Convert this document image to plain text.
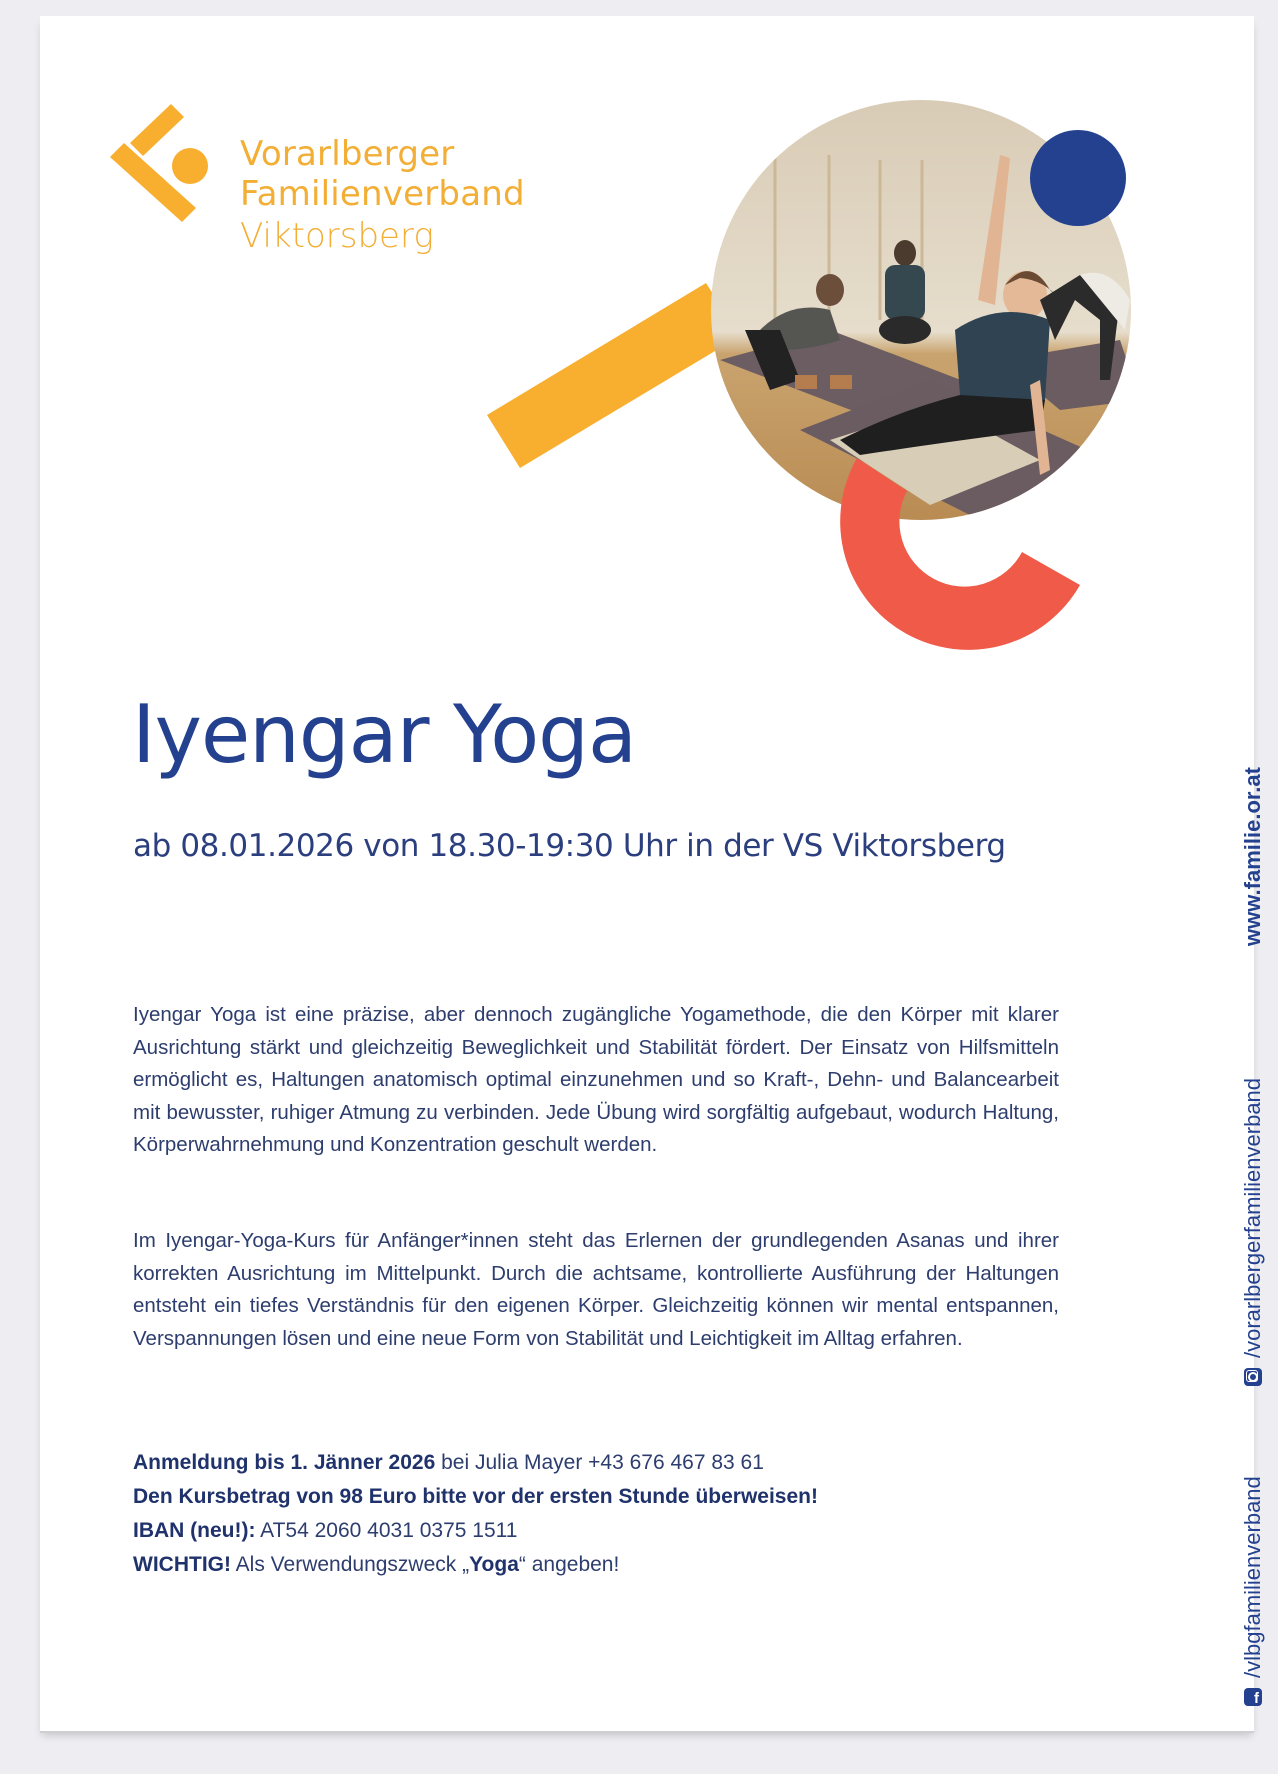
Vorarlberger
Familienverband
Viktorsberg
Iyengar Yoga

ab 08.01.2026 von 18.30-19:30 Uhr in der VS Viktorsberg

Iyengar Yoga ist eine präzise, aber dennoch zugängliche Yogamethode, die den Körper mit klarer Ausrichtung stärkt und gleichzeitig Beweglichkeit und Stabilität fördert. Der Einsatz von Hilfsmitteln ermöglicht es, Haltungen anatomisch optimal einzunehmen und so Kraft-, Dehn- und Balancearbeit mit bewusster, ruhiger Atmung zu verbinden. Jede Übung wird sorgfältig aufgebaut, wodurch Haltung, Körperwahrnehmung und Konzentration geschult werden.

Im Iyengar-Yoga-Kurs für Anfänger*innen steht das Erlernen der grundlegenden Asanas und ihrer korrekten Ausrichtung im Mittelpunkt. Durch die achtsame, kontrollierte Ausführung der Haltungen entsteht ein tiefes Verständnis für den eigenen Körper. Gleichzeitig können wir mental entspannen, Verspannungen lösen und eine neue Form von Stabilität und Leichtigkeit im Alltag erfahren.

Anmeldung bis 1. Jänner 2026 bei Julia Mayer +43 676 467 83 61
Den Kursbetrag von 98 Euro bitte vor der ersten Stunde überweisen!
IBAN (neu!): AT54 2060 4031 0375 1511
WICHTIG! Als Verwendungszweck „Yoga“ angeben!
www.familie.or.at
/vorarlbergerfamilienverband
f
/vlbgfamilienverband
